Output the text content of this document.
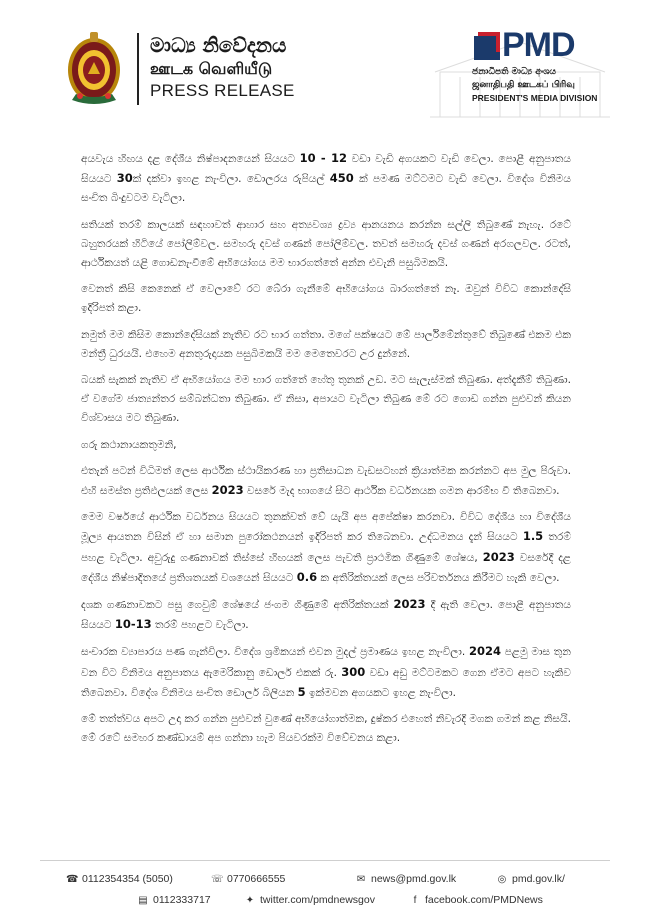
මාධ්‍ය නිවේදනය
ஊடக வெளியீடு
PRESS RELEASE
PMD
ජනාධිපති මාධ්‍ය අංශය
ஜனாதிபதி ஊடகப் பிரிவு
PRESIDENT'S MEDIA DIVISION

අයවැය හිඟය දළ දේශීය නිෂ්පාදනයෙන් සියයට 10 - 12 වඩා වැඩි අගයකට වැඩි වෙලා. පොළී අනුපාතය සියයට 30ක් දක්වා ඉහළ නැංවිලා. ඩොලරය රුපියල් 450 ක් පමණ මට්ටමට වැඩි වෙලා. විදේශ විනිමය සංචිත බිංදුවටම වැටිලා.

සතියක් තරම් කාලයක් සඳහාවත් ආහාර සහ අත්‍යවශ්‍ය ද්‍රව්‍ය ආනයනය කරන්න සල්ලි තිබුණේ නැහැ. රටේ බහුතරයක් හිටියේ පෝලිම්වල. සමහරු දවස් ගණන් පෝලිම්වල. තවත් සමහරු දවස් ගණන් අරගලවල. රටත්, ආර්ථිකයත් යළි ගොඩනැංවීමේ අභියෝගය මම භාරගත්තේ අන්න එවැනි පසුබිමකයි.

වෙනත් කිසි කෙනෙක් ඒ වෙලාවේ රට බේරා ගැනීමේ අභියෝගය බාරගත්තේ නෑ. ඔවුන් විවිධ කොන්දේසි ඉදිරිපත් කළා.

නමුත් මම කිසිම කොන්දේසියක් නැතිව රට භාර ගත්තා. මගේ පක්ෂයට මේ පාර්ලිමේන්තුවේ තිබුණේ එකම එක මන්ත්‍රී ධුරයයි. එහෙම අනතුරුදායක පසුබිමකයි මම මෙතෙවරට උර දුන්නේ.

බයක් සැකක් නැතිව ඒ අභියෝගය මම භාර ගත්තේ හේතු තුනක් උඩ. මට සැලැස්මක් තිබුණා. අත්දැකීම් තිබුණා. ඒ වගේම ජාත්‍යන්තර සම්බන්ධතා තිබුණා. ඒ නිසා, අපායට වැටිලා තිබුණ මේ රට ගොඩ ගන්න පුළුවන් කියන විශ්වාසය මට තිබුණා.

ගරු කථානායකතුමනි,

එතැන් පටන් විධිමත් ලෙස ආර්ථික ස්ථායිකරණ හා ප්‍රතිසාධන වැඩසටහන් ක්‍රියාත්මක කරන්නට අප මුල පිරුවා. එහි සමස්ත ප්‍රතිඵලයක් ලෙස 2023 වසරේ මැද භාගයේ සිට ආර්ථික වර්ධනයක ගමන ආරම්භ වී තිබෙනවා.

මෙම වර්ෂයේ ආර්ථික වර්ධනය සියයට තුනක්වත් වේ යැයි අප අපේක්ෂා කරනවා. විවිධ දේශීය හා විදේශීය මූල්‍ය ආයතන විසින් ඒ හා සමාන පුරෝකථනයන් ඉදිරිපත් කර තිබෙනවා. උද්ධමනය දැන් සියයට 1.5 තරම් පහළ වැටිලා. අවුරුදු ගණනාවක් තිස්සේ හිඟයක් ලෙස පැවති ප්‍රාථමික ගිණුමේ ශේෂය, 2023 වසරේදී දළ දේශීය නිෂ්පාදිතයේ ප්‍රතිශතයක් වශයෙන් සියයට 0.6 ක අතිරික්තයක් ලෙස පරිවර්තනය කිරීමට හැකි වෙලා.

දශක ගණනාවකට පසු ගෙවුම් ශේෂයේ ජංගම ගිණුමේ අතිරික්තයක් 2023 දී ඇති වෙලා. පොළී අනුපාතය සියයට 10-13 තරම් පහළට වැටිලා.

සංචාරක ව්‍යාපාරය පණ ගැන්විලා. විදේශ ශ්‍රමිකයන් එවන මුදල් ප්‍රමාණය ඉහළ නැංවිලා. 2024 පළමු මාස තුන වන විට විනිමය අනුපාතය ඇමෙරිකානු ඩොලර් එකක් රු. 300 වඩා අඩු මට්ටමකට ගෙන ඒමට අපට හැකිව තිබෙනවා. විදේශ විනිමය සංචිත ඩොලර් බිලියන 5 ඉක්මවන අගයකට ඉහළ නැංවිලා.

මේ තත්ත්වය අපට උදා කර ගන්න පුළුවන් වුණේ අභියෝගාත්මක, දුෂ්කර එහෙත් නිවැරදි මගක ගමන් කළ නිසයි. මේ රටේ සමහර කණ්ඩායම් අප ගන්නා හැම පියවරක්ම විවේචනය කළා.

☎ 0112354354 (5050)	☏ 0770666555	✉ news@pmd.gov.lk	◎ pmd.gov.lk/
▤ 0112333717	✦ twitter.com/pmdnewsgov	f facebook.com/PMDNews
